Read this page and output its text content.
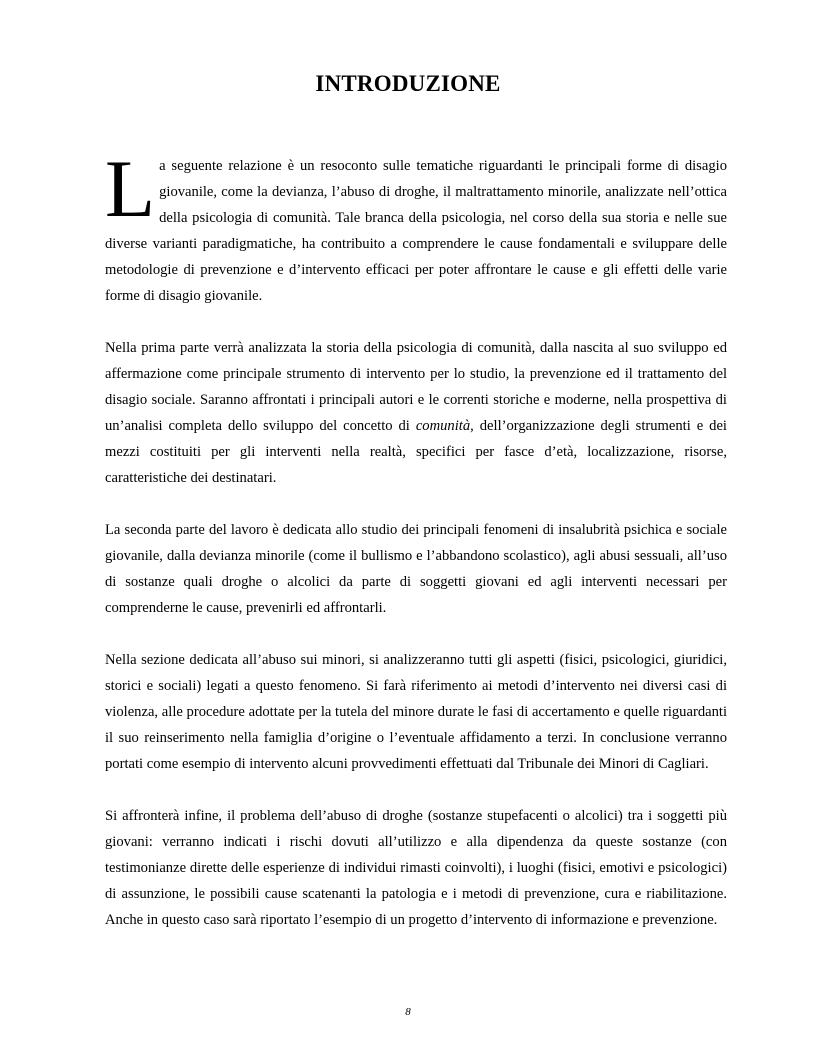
INTRODUZIONE

La seguente relazione è un resoconto sulle tematiche riguardanti le principali forme di disagio giovanile, come la devianza, l’abuso di droghe, il maltrattamento minorile, analizzate nell’ottica della psicologia di comunità. Tale branca della psicologia, nel corso della sua storia e nelle sue diverse varianti paradigmatiche, ha contribuito a comprendere le cause fondamentali e sviluppare delle metodologie di prevenzione e d’intervento efficaci per poter affrontare le cause e gli effetti delle varie forme di disagio giovanile.

Nella prima parte verrà analizzata la storia della psicologia di comunità, dalla nascita al suo sviluppo ed affermazione come principale strumento di intervento per lo studio, la prevenzione ed il trattamento del disagio sociale. Saranno affrontati i principali autori e le correnti storiche e moderne, nella prospettiva di un’analisi completa dello sviluppo del concetto di comunità, dell’organizzazione degli strumenti e dei mezzi costituiti per gli interventi nella realtà, specifici per fasce d’età, localizzazione, risorse, caratteristiche dei destinatari.

La seconda parte del lavoro è dedicata allo studio dei principali fenomeni di insalubrità psichica e sociale giovanile, dalla devianza minorile (come il bullismo e l’abbandono scolastico), agli abusi sessuali, all’uso di sostanze quali droghe o alcolici da parte di soggetti giovani ed agli interventi necessari per comprenderne le cause, prevenirli ed affrontarli.

Nella sezione dedicata all’abuso sui minori, si analizzeranno tutti gli aspetti (fisici, psicologici, giuridici, storici e sociali) legati a questo fenomeno. Si farà riferimento ai metodi d’intervento nei diversi casi di violenza, alle procedure adottate per la tutela del minore durate le fasi di accertamento e quelle riguardanti il suo reinserimento nella famiglia d’origine o l’eventuale affidamento a terzi. In conclusione verranno portati come esempio di intervento alcuni provvedimenti effettuati dal Tribunale dei Minori di Cagliari.

Si affronterà infine, il problema dell’abuso di droghe (sostanze stupefacenti o alcolici) tra i soggetti più giovani: verranno indicati i rischi dovuti all’utilizzo e alla dipendenza da queste sostanze (con testimonianze dirette delle esperienze di individui rimasti coinvolti), i luoghi (fisici, emotivi e psicologici) di assunzione, le possibili cause scatenanti la patologia e i metodi di prevenzione, cura e riabilitazione. Anche in questo caso sarà riportato l’esempio di un progetto d’intervento di informazione e prevenzione.

8
